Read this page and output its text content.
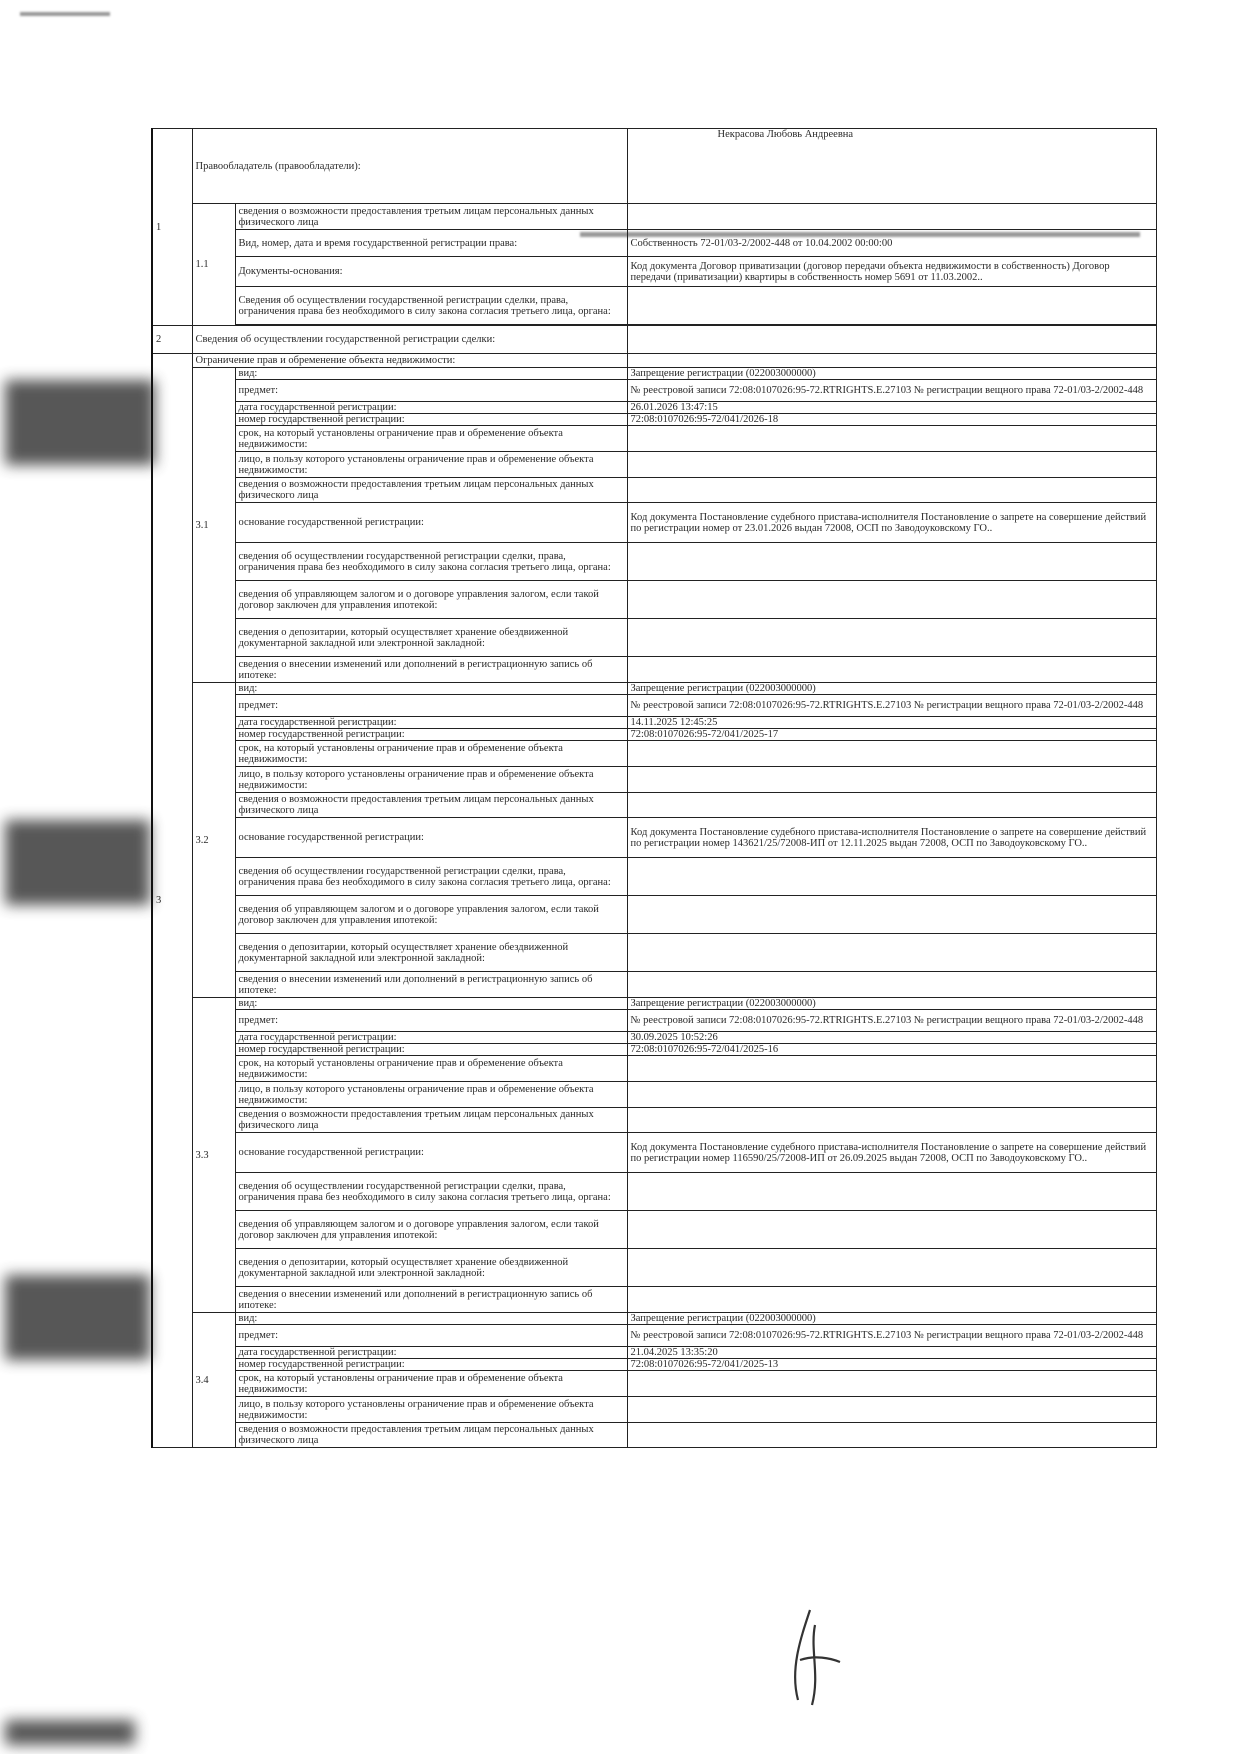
1	Правообладатель (правообладатели):		Некрасова Любовь Андреевна
	1.1	сведения о возможности предоставления третьим лицам персональных данных физического лица	
		Вид, номер, дата и время государственной регистрации права:	Собственность 72-01/03-2/2002-448 от 10.04.2002 00:00:00
		Документы-основания:	Код документа Договор приватизации (договор передачи объекта недвижимости в собственность) Договор передачи (приватизации) квартиры в собственность номер 5691 от 11.03.2002..
		Сведения об осуществлении государственной регистрации сделки, права, ограничения права без необходимого в силу закона согласия третьего лица, органа:	

2	Сведения об осуществлении государственной регистрации сделки:		
3	Ограничение прав и обременение объекта недвижимости:		
	3.1	вид:	Запрещение регистрации (022003000000)
		предмет:	№ реестровой записи 72:08:0107026:95-72.RTRIGHTS.E.27103 № регистрации вещного права 72-01/03-2/2002-448
		дата государственной регистрации:	26.01.2026 13:47:15
		номер государственной регистрации:	72:08:0107026:95-72/041/2026-18
		срок, на который установлены ограничение прав и обременение объекта недвижимости:	
		лицо, в пользу которого установлены ограничение прав и обременение объекта недвижимости:	
		сведения о возможности предоставления третьим лицам персональных данных физического лица	
		основание государственной регистрации:	Код документа Постановление судебного пристава-исполнителя Постановление о запрете на совершение действий по регистрации номер от 23.01.2026 выдан 72008, ОСП по Заводоуковскому ГО..
		сведения об осуществлении государственной регистрации сделки, права, ограничения права без необходимого в силу закона согласия третьего лица, органа:	
		сведения об управляющем залогом и о договоре управления залогом, если такой договор заключен для управления ипотекой:	
		сведения о депозитарии, который осуществляет хранение обездвиженной документарной закладной или электронной закладной:	
		сведения о внесении изменений или дополнений в регистрационную запись об ипотеке:	
	3.2	вид:	Запрещение регистрации (022003000000)
		предмет:	№ реестровой записи 72:08:0107026:95-72.RTRIGHTS.E.27103 № регистрации вещного права 72-01/03-2/2002-448
		дата государственной регистрации:	14.11.2025 12:45:25
		номер государственной регистрации:	72:08:0107026:95-72/041/2025-17
		срок, на который установлены ограничение прав и обременение объекта недвижимости:	
		лицо, в пользу которого установлены ограничение прав и обременение объекта недвижимости:	
		сведения о возможности предоставления третьим лицам персональных данных физического лица	
		основание государственной регистрации:	Код документа Постановление судебного пристава-исполнителя Постановление о запрете на совершение действий по регистрации номер 143621/25/72008-ИП от 12.11.2025 выдан 72008, ОСП по Заводоуковскому ГО..
		сведения об осуществлении государственной регистрации сделки, права, ограничения права без необходимого в силу закона согласия третьего лица, органа:	
		сведения об управляющем залогом и о договоре управления залогом, если такой договор заключен для управления ипотекой:	
		сведения о депозитарии, который осуществляет хранение обездвиженной документарной закладной или электронной закладной:	
		сведения о внесении изменений или дополнений в регистрационную запись об ипотеке:	
	3.3	вид:	Запрещение регистрации (022003000000)
		предмет:	№ реестровой записи 72:08:0107026:95-72.RTRIGHTS.E.27103 № регистрации вещного права 72-01/03-2/2002-448
		дата государственной регистрации:	30.09.2025 10:52:26
		номер государственной регистрации:	72:08:0107026:95-72/041/2025-16
		срок, на который установлены ограничение прав и обременение объекта недвижимости:	
		лицо, в пользу которого установлены ограничение прав и обременение объекта недвижимости:	
		сведения о возможности предоставления третьим лицам персональных данных физического лица	
		основание государственной регистрации:	Код документа Постановление судебного пристава-исполнителя Постановление о запрете на совершение действий по регистрации номер 116590/25/72008-ИП от 26.09.2025 выдан 72008, ОСП по Заводоуковскому ГО..
		сведения об осуществлении государственной регистрации сделки, права, ограничения права без необходимого в силу закона согласия третьего лица, органа:	
		сведения об управляющем залогом и о договоре управления залогом, если такой договор заключен для управления ипотекой:	
		сведения о депозитарии, который осуществляет хранение обездвиженной документарной закладной или электронной закладной:	
		сведения о внесении изменений или дополнений в регистрационную запись об ипотеке:	
	3.4	вид:	Запрещение регистрации (022003000000)
		предмет:	№ реестровой записи 72:08:0107026:95-72.RTRIGHTS.E.27103 № регистрации вещного права 72-01/03-2/2002-448
		дата государственной регистрации:	21.04.2025 13:35:20
		номер государственной регистрации:	72:08:0107026:95-72/041/2025-13
		срок, на который установлены ограничение прав и обременение объекта недвижимости:	
		лицо, в пользу которого установлены ограничение прав и обременение объекта недвижимости:	
		сведения о возможности предоставления третьим лицам персональных данных физического лица	
